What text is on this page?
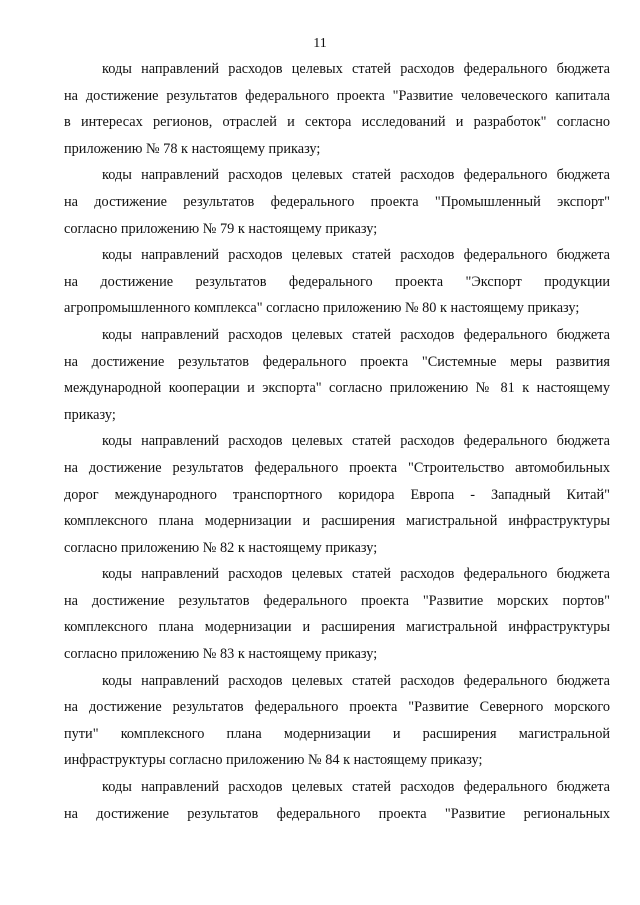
11

коды направлений расходов целевых статей расходов федерального бюджета
на достижение результатов федерального проекта "Развитие человеческого капитала
в интересах регионов, отраслей и сектора исследований и разработок" согласно
приложению № 78 к настоящему приказу;

коды направлений расходов целевых статей расходов федерального бюджета
на достижение результатов федерального проекта "Промышленный экспорт"
согласно приложению № 79 к настоящему приказу;

коды направлений расходов целевых статей расходов федерального бюджета
на достижение результатов федерального проекта "Экспорт продукции
агропромышленного комплекса" согласно приложению № 80 к настоящему приказу;

коды направлений расходов целевых статей расходов федерального бюджета
на достижение результатов федерального проекта "Системные меры развития
международной кооперации и экспорта" согласно приложению № 81 к настоящему
приказу;

коды направлений расходов целевых статей расходов федерального бюджета
на достижение результатов федерального проекта "Строительство автомобильных
дорог международного транспортного коридора Европа - Западный Китай"
комплексного плана модернизации и расширения магистральной инфраструктуры
согласно приложению № 82 к настоящему приказу;

коды направлений расходов целевых статей расходов федерального бюджета
на достижение результатов федерального проекта "Развитие морских портов"
комплексного плана модернизации и расширения магистральной инфраструктуры
согласно приложению № 83 к настоящему приказу;

коды направлений расходов целевых статей расходов федерального бюджета
на достижение результатов федерального проекта "Развитие Северного морского
пути" комплексного плана модернизации и расширения магистральной
инфраструктуры согласно приложению № 84 к настоящему приказу;

коды направлений расходов целевых статей расходов федерального бюджета
на достижение результатов федерального проекта "Развитие региональных
